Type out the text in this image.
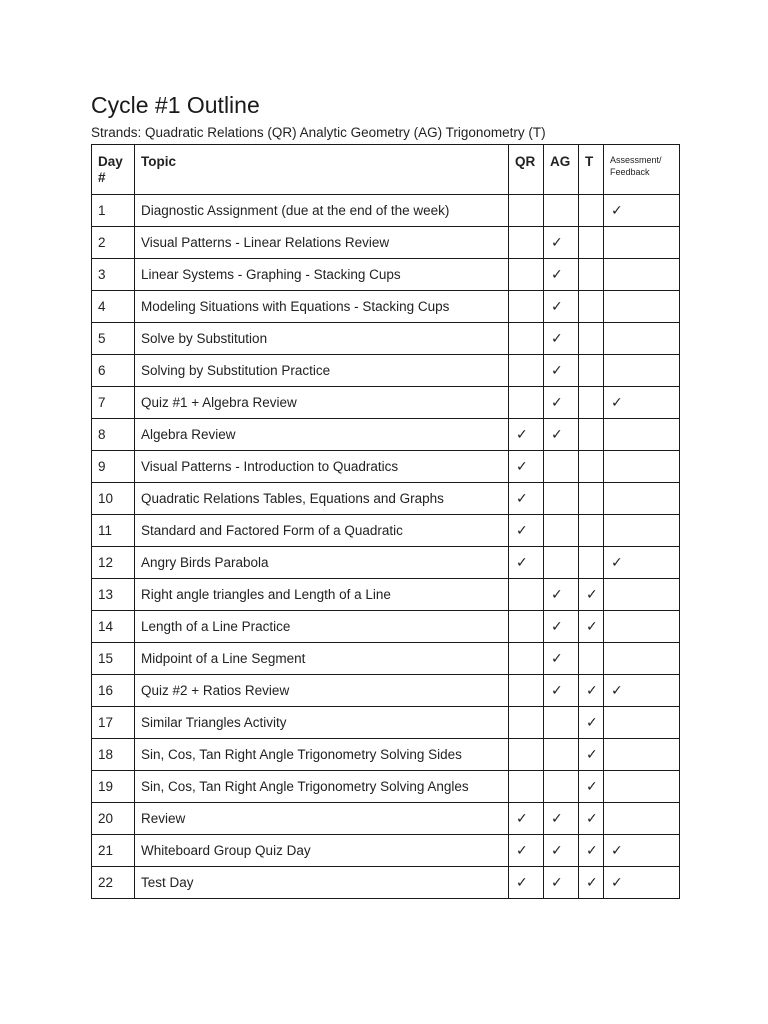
Cycle #1 Outline

Strands: Quadratic Relations (QR) Analytic Geometry (AG) Trigonometry (T)

Day #	Topic	QR	AG	T	Assessment/ Feedback
1	Diagnostic Assignment (due at the end of the week)				✓
2	Visual Patterns - Linear Relations Review		✓		
3	Linear Systems - Graphing - Stacking Cups		✓		
4	Modeling Situations with Equations - Stacking Cups		✓		
5	Solve by Substitution		✓		
6	Solving by Substitution Practice		✓		
7	Quiz #1 + Algebra Review		✓		✓
8	Algebra Review	✓	✓		
9	Visual Patterns - Introduction to Quadratics	✓			
10	Quadratic Relations Tables, Equations and Graphs	✓			
11	Standard and Factored Form of a Quadratic	✓			
12	Angry Birds Parabola	✓			✓
13	Right angle triangles and Length of a Line		✓	✓	
14	Length of a Line Practice		✓	✓	
15	Midpoint of a Line Segment		✓		
16	Quiz #2 + Ratios Review		✓	✓	✓
17	Similar Triangles Activity			✓	
18	Sin, Cos, Tan Right Angle Trigonometry Solving Sides			✓	
19	Sin, Cos, Tan Right Angle Trigonometry Solving Angles			✓	
20	Review	✓	✓	✓	
21	Whiteboard Group Quiz Day	✓	✓	✓	✓
22	Test Day	✓	✓	✓	✓
